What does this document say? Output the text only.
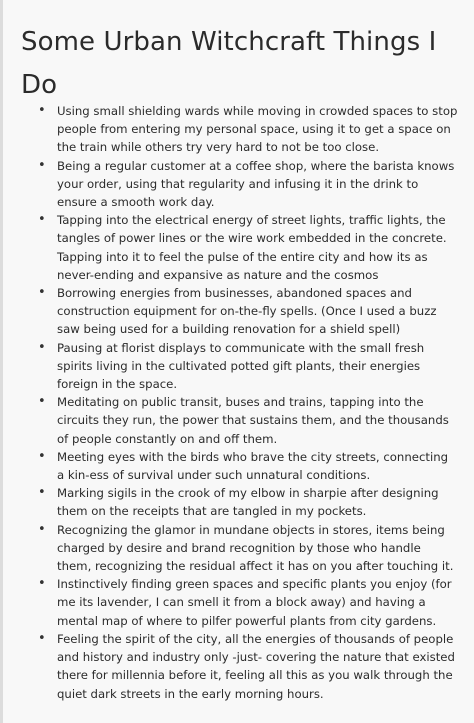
Some Urban Witchcraft Things I Do
• Using small shielding wards while moving in crowded spaces to stop people from entering my personal space, using it to get a space on the train while others try very hard to not be too close.
• Being a regular customer at a coffee shop, where the barista knows your order, using that regularity and infusing it in the drink to ensure a smooth work day.
• Tapping into the electrical energy of street lights, traffic lights, the tangles of power lines or the wire work embedded in the concrete. Tapping into it to feel the pulse of the entire city and how its as never-ending and expansive as nature and the cosmos
• Borrowing energies from businesses, abandoned spaces and construction equipment for on-the-fly spells. (Once I used a buzz saw being used for a building renovation for a shield spell)
• Pausing at florist displays to communicate with the small fresh spirits living in the cultivated potted gift plants, their energies foreign in the space.
• Meditating on public transit, buses and trains, tapping into the circuits they run, the power that sustains them, and the thousands of people constantly on and off them.
• Meeting eyes with the birds who brave the city streets, connecting a kin-ess of survival under such unnatural conditions.
• Marking sigils in the crook of my elbow in sharpie after designing them on the receipts that are tangled in my pockets.
• Recognizing the glamor in mundane objects in stores, items being charged by desire and brand recognition by those who handle them, recognizing the residual affect it has on you after touching it.
• Instinctively finding green spaces and specific plants you enjoy (for me its lavender, I can smell it from a block away) and having a mental map of where to pilfer powerful plants from city gardens.
• Feeling the spirit of the city, all the energies of thousands of people and history and industry only -just- covering the nature that existed there for millennia before it, feeling all this as you walk through the quiet dark streets in the early morning hours.
